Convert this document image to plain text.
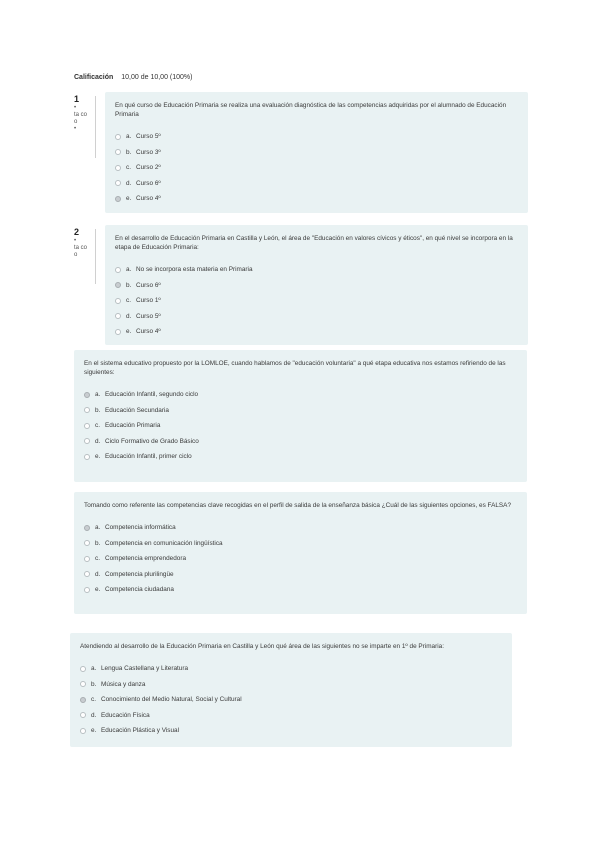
Calificación 10,00 de 10,00 (100%)
1
•
ta co
o
•
2
•
ta co
o
En qué curso de Educación Primaria se realiza una evaluación diagnóstica de las competencias adquiridas por el alumnado de Educación Primaria
a. Curso 5º
b. Curso 3º
c. Curso 2º
d. Curso 6º
e. Curso 4º
En el desarrollo de Educación Primaria en Castilla y León, el área de "Educación en valores cívicos y éticos", en qué nivel se incorpora en la etapa de Educación Primaria:
a. No se incorpora esta materia en Primaria
b. Curso 6º
c. Curso 1º
d. Curso 5º
e. Curso 4º
En el sistema educativo propuesto por la LOMLOE, cuando hablamos de "educación voluntaria" a qué etapa educativa nos estamos refiriendo de las siguientes:
a. Educación Infantil, segundo ciclo
b. Educación Secundaria
c. Educación Primaria
d. Ciclo Formativo de Grado Básico
e. Educación Infantil, primer ciclo
Tomando como referente las competencias clave recogidas en el perfil de salida de la enseñanza básica ¿Cuál de las siguientes opciones, es FALSA?
a. Competencia informática
b. Competencia en comunicación lingüística
c. Competencia emprendedora
d. Competencia plurilingüe
e. Competencia ciudadana
Atendiendo al desarrollo de la Educación Primaria en Castilla y León qué área de las siguientes no se imparte en 1º de Primaria:
a. Lengua Castellana y Literatura
b. Música y danza
c. Conocimiento del Medio Natural, Social y Cultural
d. Educación Física
e. Educación Plástica y Visual
